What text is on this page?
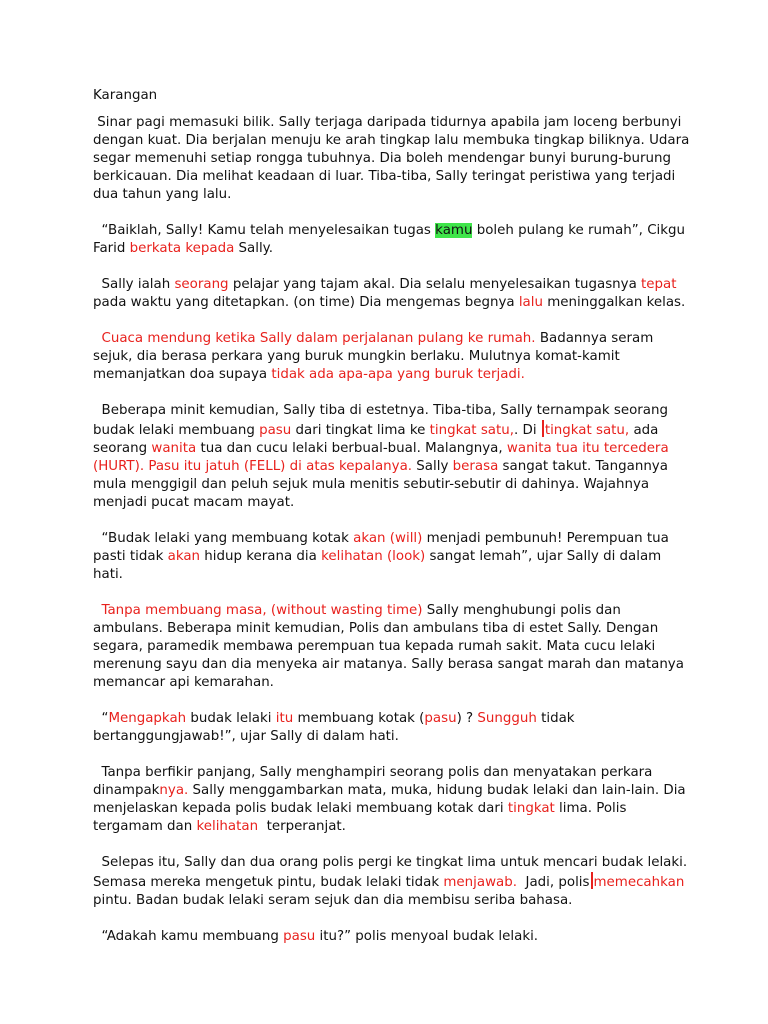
Karangan

Sinar pagi memasuki bilik. Sally terjaga daripada tidurnya apabila jam loceng berbunyi dengan kuat. Dia berjalan menuju ke arah tingkap lalu membuka tingkap biliknya. Udara segar memenuhi setiap rongga tubuhnya. Dia boleh mendengar bunyi burung-burung berkicauan. Dia melihat keadaan di luar. Tiba-tiba, Sally teringat peristiwa yang terjadi dua tahun yang lalu.

“Baiklah, Sally! Kamu telah menyelesaikan tugas kamu boleh pulang ke rumah”, Cikgu Farid berkata kepada Sally.

Sally ialah seorang pelajar yang tajam akal. Dia selalu menyelesaikan tugasnya tepat pada waktu yang ditetapkan. (on time) Dia mengemas begnya lalu meninggalkan kelas.

Cuaca mendung ketika Sally dalam perjalanan pulang ke rumah. Badannya seram sejuk, dia berasa perkara yang buruk mungkin berlaku. Mulutnya komat-kamit memanjatkan doa supaya tidak ada apa-apa yang buruk terjadi.

Beberapa minit kemudian, Sally tiba di estetnya. Tiba-tiba, Sally ternampak seorang budak lelaki membuang pasu dari tingkat lima ke tingkat satu,. Di tingkat satu, ada seorang wanita tua dan cucu lelaki berbual-bual. Malangnya, wanita tua itu tercedera (HURT). Pasu itu jatuh (FELL) di atas kepalanya. Sally berasa sangat takut. Tangannya mula menggigil dan peluh sejuk mula menitis sebutir-sebutir di dahinya. Wajahnya menjadi pucat macam mayat.

“Budak lelaki yang membuang kotak akan (will) menjadi pembunuh! Perempuan tua pasti tidak akan hidup kerana dia kelihatan (look) sangat lemah”, ujar Sally di dalam hati.

Tanpa membuang masa, (without wasting time) Sally menghubungi polis dan ambulans. Beberapa minit kemudian, Polis dan ambulans tiba di estet Sally. Dengan segara, paramedik membawa perempuan tua kepada rumah sakit. Mata cucu lelaki merenung sayu dan dia menyeka air matanya. Sally berasa sangat marah dan matanya memancar api kemarahan.

“Mengapkah budak lelaki itu membuang kotak (pasu) ? Sungguh tidak bertanggungjawab!”, ujar Sally di dalam hati.

Tanpa berfikir panjang, Sally menghampiri seorang polis dan menyatakan perkara dinampaknya. Sally menggambarkan mata, muka, hidung budak lelaki dan lain-lain. Dia menjelaskan kepada polis budak lelaki membuang kotak dari tingkat lima. Polis tergamam dan kelihatan  terperanjat.

Selepas itu, Sally dan dua orang polis pergi ke tingkat lima untuk mencari budak lelaki. Semasa mereka mengetuk pintu, budak lelaki tidak menjawab.  Jadi, polis memecahkan pintu. Badan budak lelaki seram sejuk dan dia membisu seriba bahasa.

“Adakah kamu membuang pasu itu?” polis menyoal budak lelaki.
